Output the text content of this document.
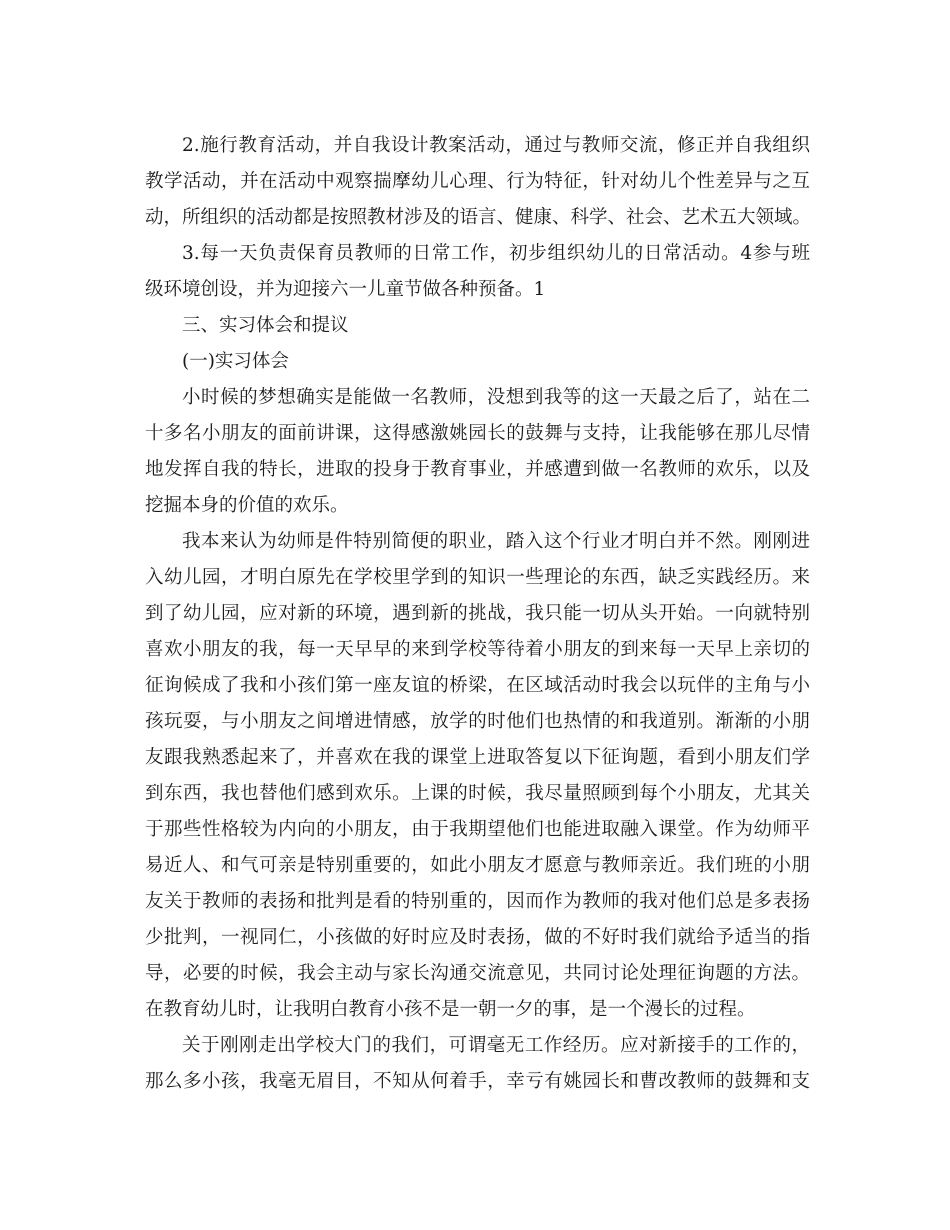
2.施行教育活动，并自我设计教案活动，通过与教师交流，修正并自我组织
教学活动，并在活动中观察揣摩幼儿心理、行为特征，针对幼儿个性差异与之互
动，所组织的活动都是按照教材涉及的语言、健康、科学、社会、艺术五大领域。
3.每一天负责保育员教师的日常工作，初步组织幼儿的日常活动。4参与班
级环境创设，并为迎接六一儿童节做各种预备。1
三、实习体会和提议
(一)实习体会
小时候的梦想确实是能做一名教师，没想到我等的这一天最之后了，站在二
十多名小朋友的面前讲课，这得感激姚园长的鼓舞与支持，让我能够在那儿尽情
地发挥自我的特长，进取的投身于教育事业，并感遭到做一名教师的欢乐，以及
挖掘本身的价值的欢乐。
我本来认为幼师是件特别简便的职业，踏入这个行业才明白并不然。刚刚进
入幼儿园，才明白原先在学校里学到的知识一些理论的东西，缺乏实践经历。来
到了幼儿园，应对新的环境，遇到新的挑战，我只能一切从头开始。一向就特别
喜欢小朋友的我，每一天早早的来到学校等待着小朋友的到来每一天早上亲切的
征询候成了我和小孩们第一座友谊的桥梁，在区域活动时我会以玩伴的主角与小
孩玩耍，与小朋友之间增进情感，放学的时他们也热情的和我道别。渐渐的小朋
友跟我熟悉起来了，并喜欢在我的课堂上进取答复以下征询题，看到小朋友们学
到东西，我也替他们感到欢乐。上课的时候，我尽量照顾到每个小朋友，尤其关
于那些性格较为内向的小朋友，由于我期望他们也能进取融入课堂。作为幼师平
易近人、和气可亲是特别重要的，如此小朋友才愿意与教师亲近。我们班的小朋
友关于教师的表扬和批判是看的特别重的，因而作为教师的我对他们总是多表扬
少批判，一视同仁，小孩做的好时应及时表扬，做的不好时我们就给予适当的指
导，必要的时候，我会主动与家长沟通交流意见，共同讨论处理征询题的方法。
在教育幼儿时，让我明白教育小孩不是一朝一夕的事，是一个漫长的过程。
关于刚刚走出学校大门的我们，可谓毫无工作经历。应对新接手的工作的，
那么多小孩，我毫无眉目，不知从何着手，幸亏有姚园长和曹改教师的鼓舞和支
